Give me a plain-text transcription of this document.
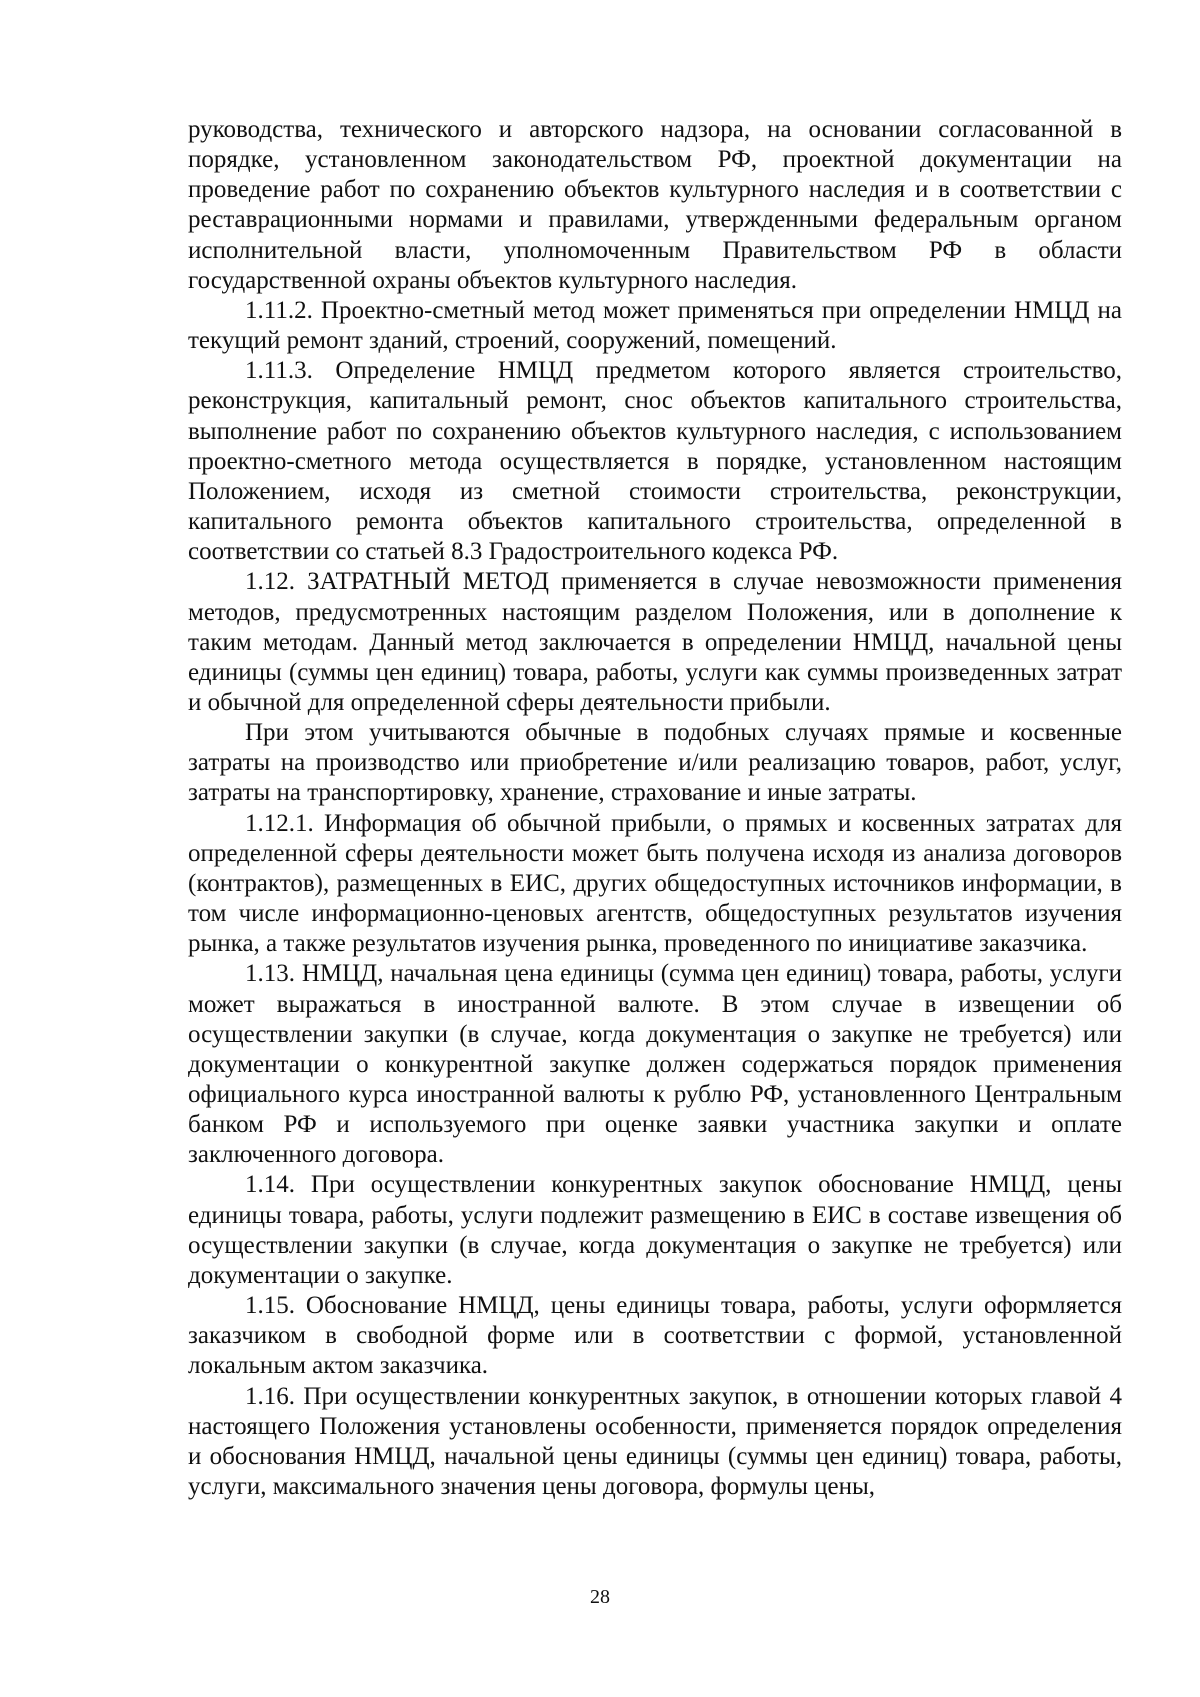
руководства, технического и авторского надзора, на основании согласованной в порядке, установленном законодательством РФ, проектной документации на проведение работ по сохранению объектов культурного наследия и в соответствии с реставрационными нормами и правилами, утвержденными федеральным органом исполнительной власти, уполномоченным Правительством РФ в области государственной охраны объектов культурного наследия.

1.11.2. Проектно-сметный метод может применяться при определении НМЦД на текущий ремонт зданий, строений, сооружений, помещений.

1.11.3. Определение НМЦД предметом которого является строительство, реконструкция, капитальный ремонт, снос объектов капитального строительства, выполнение работ по сохранению объектов культурного наследия, с использованием проектно-сметного метода осуществляется в порядке, установленном настоящим Положением, исходя из сметной стоимости строительства, реконструкции, капитального ремонта объектов капитального строительства, определенной в соответствии со статьей 8.3 Градостроительного кодекса РФ.

1.12. ЗАТРАТНЫЙ МЕТОД применяется в случае невозможности применения методов, предусмотренных настоящим разделом Положения, или в дополнение к таким методам. Данный метод заключается в определении НМЦД, начальной цены единицы (суммы цен единиц) товара, работы, услуги как суммы произведенных затрат и обычной для определенной сферы деятельности прибыли.

При этом учитываются обычные в подобных случаях прямые и косвенные затраты на производство или приобретение и/или реализацию товаров, работ, услуг, затраты на транспортировку, хранение, страхование и иные затраты.

1.12.1. Информация об обычной прибыли, о прямых и косвенных затратах для определенной сферы деятельности может быть получена исходя из анализа договоров (контрактов), размещенных в ЕИС, других общедоступных источников информации, в том числе информационно-ценовых агентств, общедоступных результатов изучения рынка, а также результатов изучения рынка, проведенного по инициативе заказчика.

1.13. НМЦД, начальная цена единицы (сумма цен единиц) товара, работы, услуги может выражаться в иностранной валюте. В этом случае в извещении об осуществлении закупки (в случае, когда документация о закупке не требуется) или документации о конкурентной закупке должен содержаться порядок применения официального курса иностранной валюты к рублю РФ, установленного Центральным банком РФ и используемого при оценке заявки участника закупки и оплате заключенного договора.

1.14. При осуществлении конкурентных закупок обоснование НМЦД, цены единицы товара, работы, услуги подлежит размещению в ЕИС в составе извещения об осуществлении закупки (в случае, когда документация о закупке не требуется) или документации о закупке.

1.15. Обоснование НМЦД, цены единицы товара, работы, услуги оформляется заказчиком в свободной форме или в соответствии с формой, установленной локальным актом заказчика.

1.16. При осуществлении конкурентных закупок, в отношении которых главой 4 настоящего Положения установлены особенности, применяется порядок определения и обоснования НМЦД, начальной цены единицы (суммы цен единиц) товара, работы, услуги, максимального значения цены договора, формулы цены,

28
